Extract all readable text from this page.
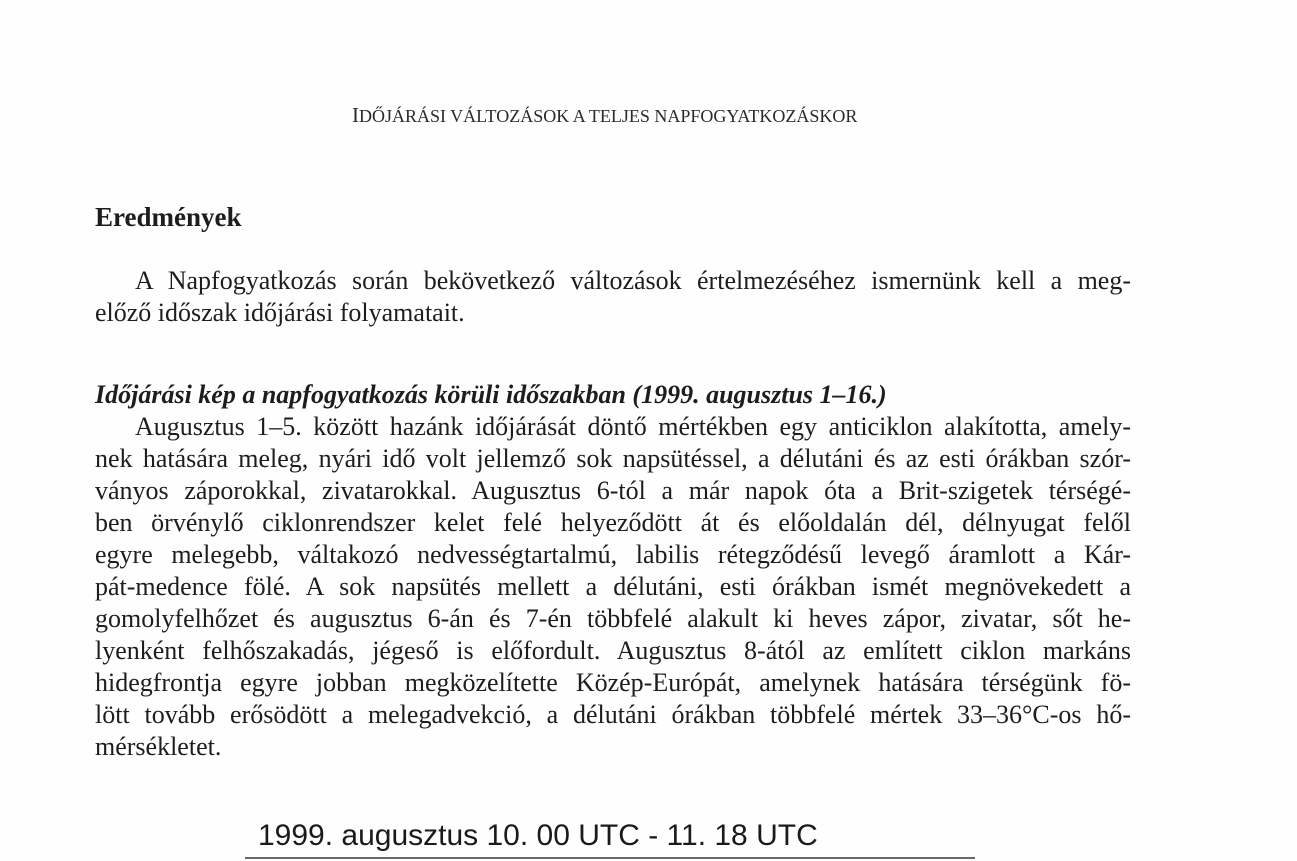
IDŐJÁRÁSI VÁLTOZÁSOK A TELJES NAPFOGYATKOZÁSKOR
Eredmények
A Napfogyatkozás során bekövetkező változások értelmezéséhez ismernünk kell a meg-
előző időszak időjárási folyamatait.
Időjárási kép a napfogyatkozás körüli időszakban (1999. augusztus 1–16.)
Augusztus 1–5. között hazánk időjárását döntő mértékben egy anticiklon alakította, amely-
nek hatására meleg, nyári idő volt jellemző sok napsütéssel, a délutáni és az esti órákban szór-
ványos záporokkal, zivatarokkal. Augusztus 6-tól a már napok óta a Brit-szigetek térségé-
ben örvénylő ciklonrendszer kelet felé helyeződött át és előoldalán dél, délnyugat felől
egyre melegebb, váltakozó nedvességtartalmú, labilis rétegződésű levegő áramlott a Kár-
pát-medence fölé. A sok napsütés mellett a délutáni, esti órákban ismét megnövekedett a
gomolyfelhőzet és augusztus 6-án és 7-én többfelé alakult ki heves zápor, zivatar, sőt he-
lyenként felhőszakadás, jégeső is előfordult. Augusztus 8-ától az említett ciklon markáns
hidegfrontja egyre jobban megközelítette Közép-Európát, amelynek hatására térségünk fö-
lött tovább erősödött a melegadvekció, a délutáni órákban többfelé mértek 33–36°C-os hő-
mérsékletet.
1999. augusztus 10. 00 UTC - 11. 18 UTC
